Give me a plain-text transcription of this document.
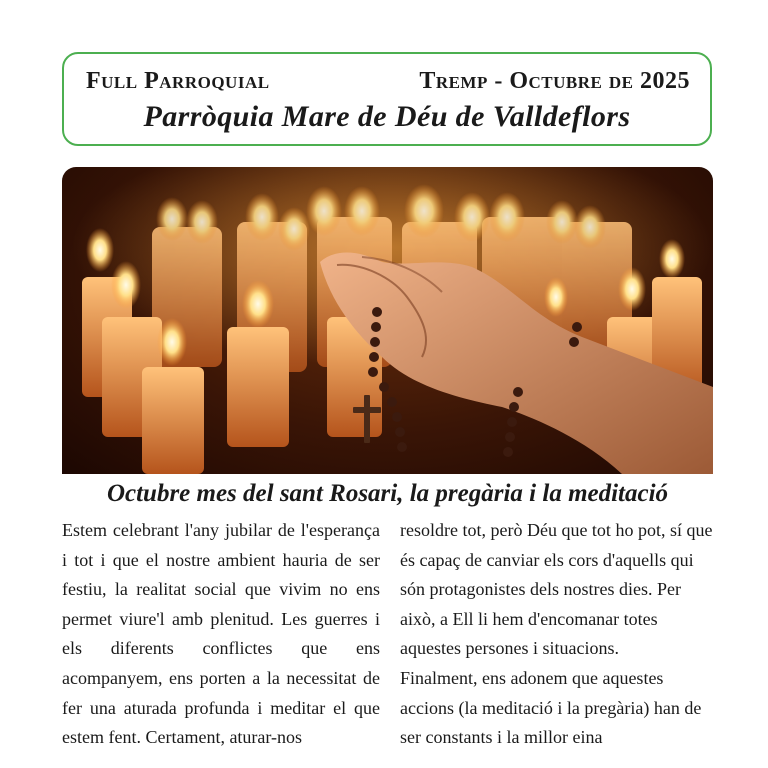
Full Parroquial	Tremp - Octubre de 2025
Parròquia Mare de Déu de Valldeflors
Octubre mes del sant Rosari, la pregària i la meditació

Estem celebrant l'any jubilar de l'esperança i tot i que el nostre ambient hauria de ser festiu, la realitat social que vivim no ens permet viure'l amb plenitud. Les guerres i els diferents conflictes que ens acompanyem, ens porten a la necessitat de fer una aturada profunda i meditar el que estem fent. Certament, aturar-nos

resoldre tot, però Déu que tot ho pot, sí que és capaç de canviar els cors d'aquells qui són protagonistes dels nostres dies. Per això, a Ell li hem d'encomanar totes aquestes persones i situacions.

Finalment, ens adonem que aquestes accions (la meditació i la pregària) han de ser constants i la millor eina
